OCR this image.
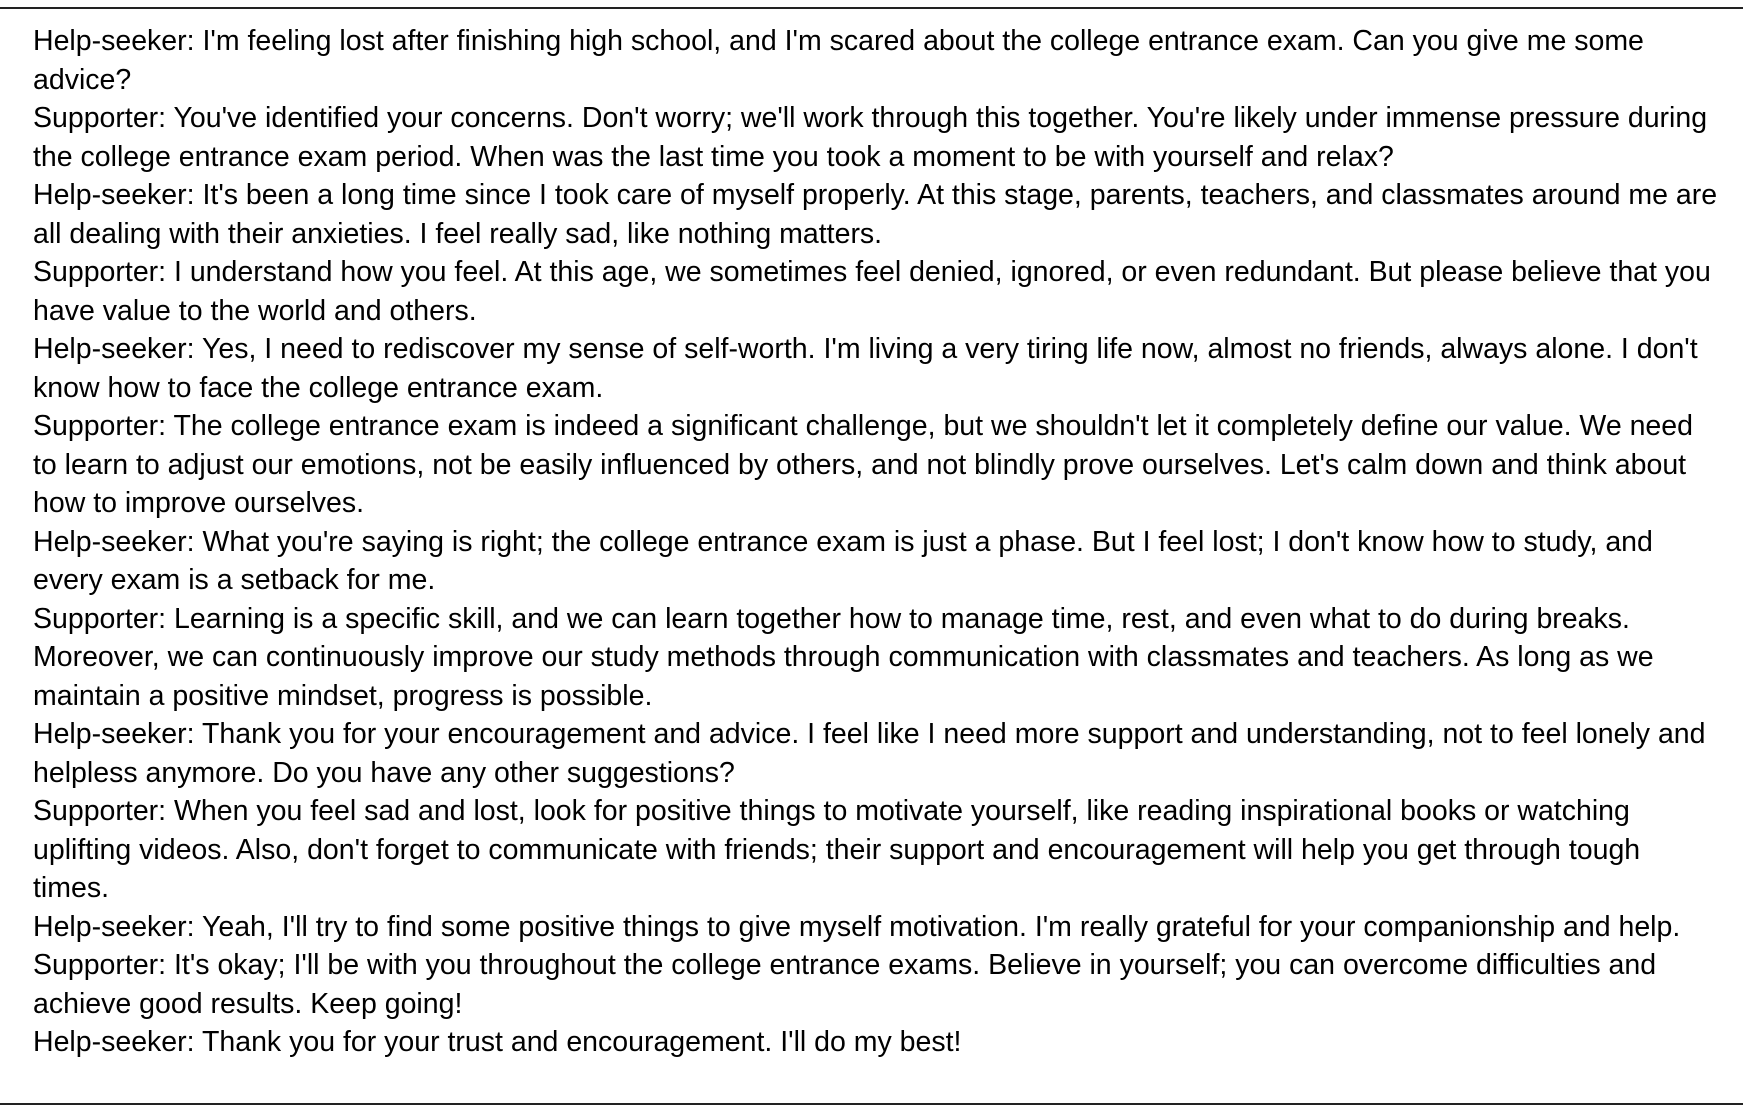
Help-seeker: I'm feeling lost after finishing high school, and I'm scared about the college entrance exam. Can you give me some advice?
Supporter: You've identified your concerns. Don't worry; we'll work through this together. You're likely under immense pressure during the college entrance exam period. When was the last time you took a moment to be with yourself and relax?
Help-seeker: It's been a long time since I took care of myself properly. At this stage, parents, teachers, and classmates around me are all dealing with their anxieties. I feel really sad, like nothing matters.
Supporter: I understand how you feel. At this age, we sometimes feel denied, ignored, or even redundant. But please believe that you have value to the world and others.
Help-seeker: Yes, I need to rediscover my sense of self-worth. I'm living a very tiring life now, almost no friends, always alone. I don't know how to face the college entrance exam.
Supporter: The college entrance exam is indeed a significant challenge, but we shouldn't let it completely define our value. We need to learn to adjust our emotions, not be easily influenced by others, and not blindly prove ourselves. Let's calm down and think about how to improve ourselves.
Help-seeker: What you're saying is right; the college entrance exam is just a phase. But I feel lost; I don't know how to study, and every exam is a setback for me.
Supporter: Learning is a specific skill, and we can learn together how to manage time, rest, and even what to do during breaks. Moreover, we can continuously improve our study methods through communication with classmates and teachers. As long as we maintain a positive mindset, progress is possible.
Help-seeker: Thank you for your encouragement and advice. I feel like I need more support and understanding, not to feel lonely and helpless anymore. Do you have any other suggestions?
Supporter: When you feel sad and lost, look for positive things to motivate yourself, like reading inspirational books or watching uplifting videos. Also, don't forget to communicate with friends; their support and encouragement will help you get through tough times.
Help-seeker: Yeah, I'll try to find some positive things to give myself motivation. I'm really grateful for your companionship and help.
Supporter: It's okay; I'll be with you throughout the college entrance exams. Believe in yourself; you can overcome difficulties and achieve good results. Keep going!
Help-seeker: Thank you for your trust and encouragement. I'll do my best!
